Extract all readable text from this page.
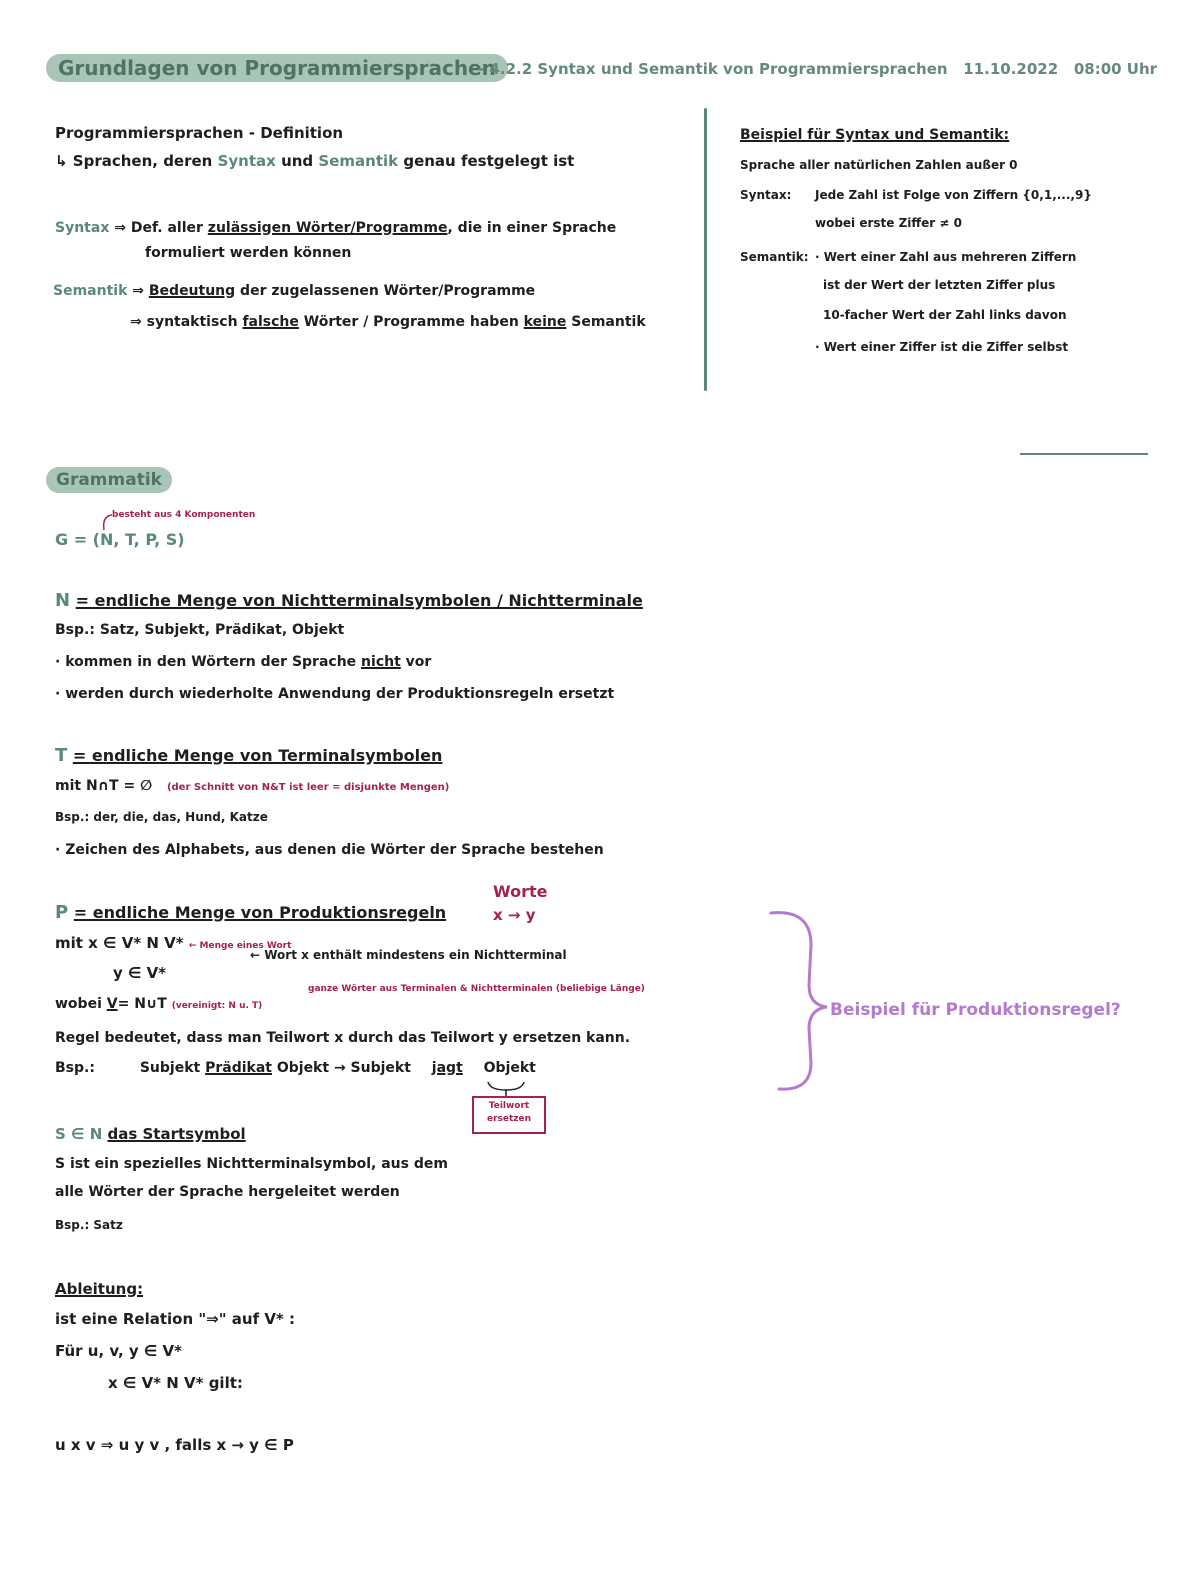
Grundlagen von Programmiersprachen
- 4.2.2 Syntax und Semantik von Programmiersprachen 11.10.2022 08:00 Uhr
Programmiersprachen - Definition
↳ Sprachen, deren Syntax und Semantik genau festgelegt ist
Syntax ⇒ Def. aller zulässigen Wörter/Programme, die in einer Sprache
formuliert werden können
Semantik ⇒ Bedeutung der zugelassenen Wörter/Programme
⇒ syntaktisch falsche Wörter / Programme haben keine Semantik
Beispiel für Syntax und Semantik:
Sprache aller natürlichen Zahlen außer 0
Syntax: Jede Zahl ist Folge von Ziffern {0,1,...,9}
wobei erste Ziffer ≠ 0
Semantik: · Wert einer Zahl aus mehreren Ziffern
ist der Wert der letzten Ziffer plus
10-facher Wert der Zahl links davon
· Wert einer Ziffer ist die Ziffer selbst
Grammatik
besteht aus 4 Komponenten
G = (N, T, P, S)
N = endliche Menge von Nichtterminalsymbolen / Nichtterminale
Bsp.: Satz, Subjekt, Prädikat, Objekt
· kommen in den Wörtern der Sprache nicht vor
· werden durch wiederholte Anwendung der Produktionsregeln ersetzt
T = endliche Menge von Terminalsymbolen
mit N∩T = ∅ (der Schnitt von N&T ist leer = disjunkte Mengen)
Bsp.: der, die, das, Hund, Katze
· Zeichen des Alphabets, aus denen die Wörter der Sprache bestehen
Worte
x → y
P = endliche Menge von Produktionsregeln
mit x ∈ V* N V* ← Menge eines Wort
← Wort x enthält mindestens ein Nichtterminal
y ∈ V*
wobei V= N∪T (vereinigt: N u. T)
ganze Wörter aus Terminalen & Nichtterminalen (beliebige Länge)
Regel bedeutet, dass man Teilwort x durch das Teilwort y ersetzen kann.
Bsp.:	Subjekt Prädikat Objekt → Subjekt jagt Objekt
Teilwort ersetzen
Beispiel für Produktionsregel?
S ∈ N das Startsymbol
S ist ein spezielles Nichtterminalsymbol, aus dem
alle Wörter der Sprache hergeleitet werden
Bsp.: Satz
Ableitung:
ist eine Relation "⇒" auf V* :
Für u, v, y ∈ V*
x ∈ V* N V* gilt:
u x v ⇒ u y v , falls x → y ∈ P
